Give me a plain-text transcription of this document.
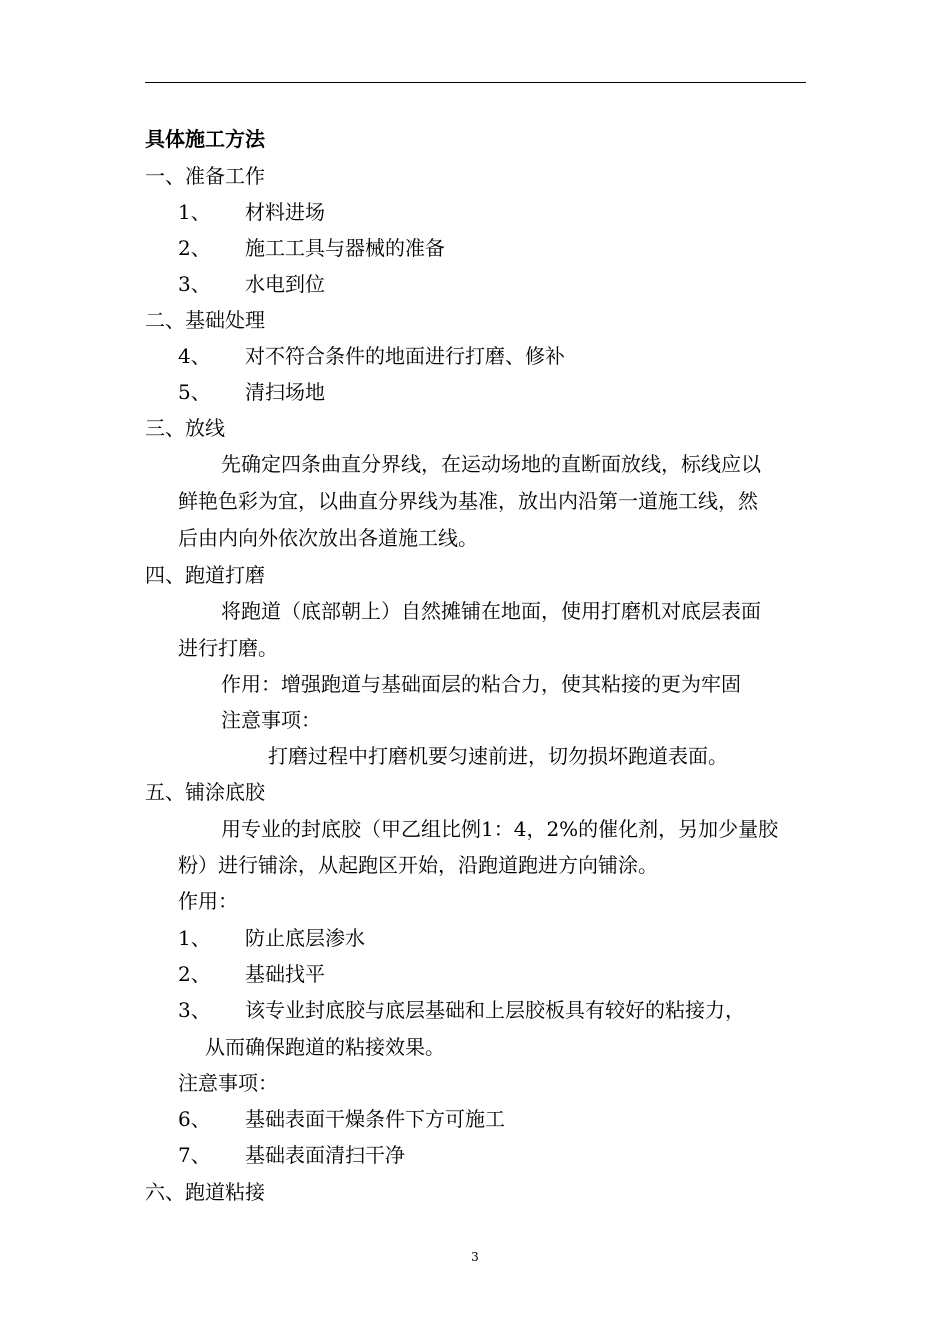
具体施工方法
一、准备工作
1、 材料进场
2、 施工工具与器械的准备
3、 水电到位
二、基础处理
4、 对不符合条件的地面进行打磨、修补
5、 清扫场地
三、放线
先确定四条曲直分界线，在运动场地的直断面放线，标线应以
鲜艳色彩为宜，以曲直分界线为基准，放出内沿第一道施工线，然
后由内向外依次放出各道施工线。
四、跑道打磨
将跑道（底部朝上）自然摊铺在地面，使用打磨机对底层表面
进行打磨。
作用：增强跑道与基础面层的粘合力，使其粘接的更为牢固
注意事项：
打磨过程中打磨机要匀速前进，切勿损坏跑道表面。
五、铺涂底胶
用专业的封底胶（甲乙组比例1：4，2%的催化剂，另加少量胶
粉）进行铺涂，从起跑区开始，沿跑道跑进方向铺涂。
作用：
1、 防止底层渗水
2、 基础找平
3、 该专业封底胶与底层基础和上层胶板具有较好的粘接力，
从而确保跑道的粘接效果。
注意事项：
6、 基础表面干燥条件下方可施工
7、 基础表面清扫干净
六、跑道粘接
3
